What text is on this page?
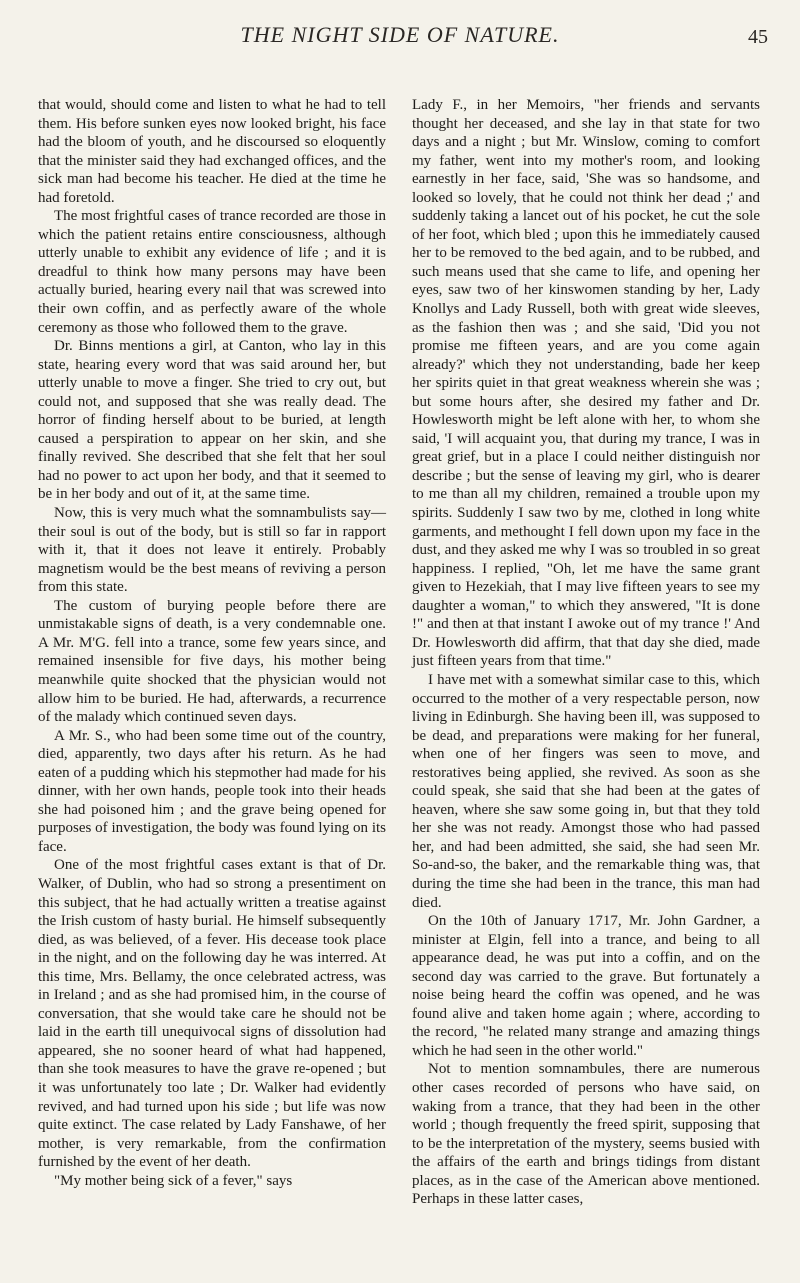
THE NIGHT SIDE OF NATURE.	45

that would, should come and listen to what he had to tell them. His before sunken eyes now looked bright, his face had the bloom of youth, and he discoursed so eloquently that the minister said they had exchanged offices, and the sick man had become his teacher. He died at the time he had foretold.

The most frightful cases of trance recorded are those in which the patient retains entire consciousness, although utterly unable to exhibit any evidence of life ; and it is dreadful to think how many persons may have been actually buried, hearing every nail that was screwed into their own coffin, and as perfectly aware of the whole ceremony as those who followed them to the grave.

Dr. Binns mentions a girl, at Canton, who lay in this state, hearing every word that was said around her, but utterly unable to move a finger. She tried to cry out, but could not, and supposed that she was really dead. The horror of finding herself about to be buried, at length caused a perspiration to appear on her skin, and she finally revived. She described that she felt that her soul had no power to act upon her body, and that it seemed to be in her body and out of it, at the same time.

Now, this is very much what the somnambulists say—their soul is out of the body, but is still so far in rapport with it, that it does not leave it entirely. Probably magnetism would be the best means of reviving a person from this state.

The custom of burying people before there are unmistakable signs of death, is a very condemnable one. A Mr. M'G. fell into a trance, some few years since, and remained insensible for five days, his mother being meanwhile quite shocked that the physician would not allow him to be buried. He had, afterwards, a recurrence of the malady which continued seven days.

A Mr. S., who had been some time out of the country, died, apparently, two days after his return. As he had eaten of a pudding which his stepmother had made for his dinner, with her own hands, people took into their heads she had poisoned him ; and the grave being opened for purposes of investigation, the body was found lying on its face.

One of the most frightful cases extant is that of Dr. Walker, of Dublin, who had so strong a presentiment on this subject, that he had actually written a treatise against the Irish custom of hasty burial. He himself subsequently died, as was believed, of a fever. His decease took place in the night, and on the following day he was interred. At this time, Mrs. Bellamy, the once celebrated actress, was in Ireland ; and as she had promised him, in the course of conversation, that she would take care he should not be laid in the earth till unequivocal signs of dissolution had appeared, she no sooner heard of what had happened, than she took measures to have the grave re-opened ; but it was unfortunately too late ; Dr. Walker had evidently revived, and had turned upon his side ; but life was now quite extinct. The case related by Lady Fanshawe, of her mother, is very remarkable, from the confirmation furnished by the event of her death.

"My mother being sick of a fever," says

Lady F., in her Memoirs, "her friends and servants thought her deceased, and she lay in that state for two days and a night ; but Mr. Winslow, coming to comfort my father, went into my mother's room, and looking earnestly in her face, said, 'She was so handsome, and looked so lovely, that he could not think her dead ;' and suddenly taking a lancet out of his pocket, he cut the sole of her foot, which bled ; upon this he immediately caused her to be removed to the bed again, and to be rubbed, and such means used that she came to life, and opening her eyes, saw two of her kinswomen standing by her, Lady Knollys and Lady Russell, both with great wide sleeves, as the fashion then was ; and she said, 'Did you not promise me fifteen years, and are you come again already?' which they not understanding, bade her keep her spirits quiet in that great weakness wherein she was ; but some hours after, she desired my father and Dr. Howlesworth might be left alone with her, to whom she said, 'I will acquaint you, that during my trance, I was in great grief, but in a place I could neither distinguish nor describe ; but the sense of leaving my girl, who is dearer to me than all my children, remained a trouble upon my spirits. Suddenly I saw two by me, clothed in long white garments, and methought I fell down upon my face in the dust, and they asked me why I was so troubled in so great happiness. I replied, "Oh, let me have the same grant given to Hezekiah, that I may live fifteen years to see my daughter a woman," to which they answered, "It is done !" and then at that instant I awoke out of my trance !' And Dr. Howlesworth did affirm, that that day she died, made just fifteen years from that time."

I have met with a somewhat similar case to this, which occurred to the mother of a very respectable person, now living in Edinburgh. She having been ill, was supposed to be dead, and preparations were making for her funeral, when one of her fingers was seen to move, and restoratives being applied, she revived. As soon as she could speak, she said that she had been at the gates of heaven, where she saw some going in, but that they told her she was not ready. Amongst those who had passed her, and had been admitted, she said, she had seen Mr. So-and-so, the baker, and the remarkable thing was, that during the time she had been in the trance, this man had died.

On the 10th of January 1717, Mr. John Gardner, a minister at Elgin, fell into a trance, and being to all appearance dead, he was put into a coffin, and on the second day was carried to the grave. But fortunately a noise being heard the coffin was opened, and he was found alive and taken home again ; where, according to the record, "he related many strange and amazing things which he had seen in the other world."

Not to mention somnambules, there are numerous other cases recorded of persons who have said, on waking from a trance, that they had been in the other world ; though frequently the freed spirit, supposing that to be the interpretation of the mystery, seems busied with the affairs of the earth and brings tidings from distant places, as in the case of the American above mentioned. Perhaps in these latter cases,
